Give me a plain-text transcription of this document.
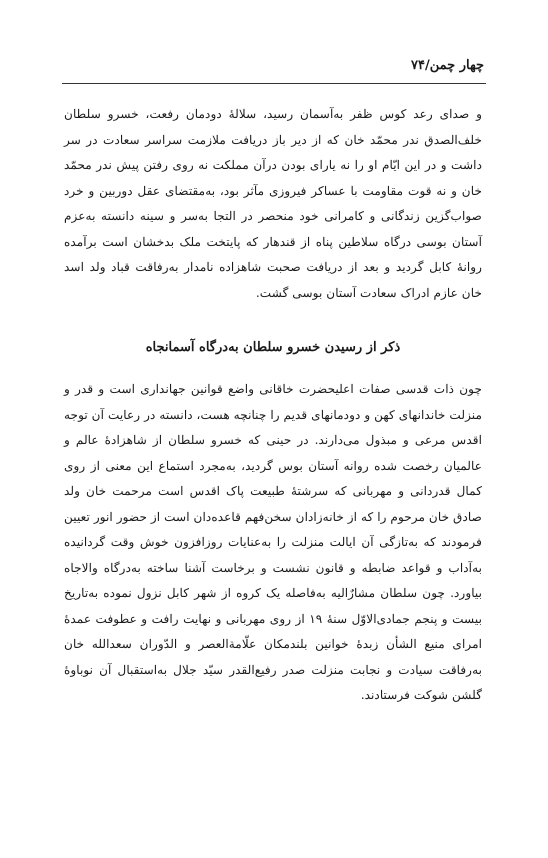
چهار چمن/۷۴

و صدای رعد کوس ظفر به‌آسمان رسید، سلالهٔ دودمان رفعت، خسرو سلطان خلف‌الصدق ندر محمّد خان که از دیر باز دریافت ملازمت سراسر سعادت در سر داشت و در این ایّام او را نه یارای بودن درآن مملکت نه روی رفتن پیش ندر محمّد خان و نه قوت مقاومت با عساکر فیروزی مآثر بود، به‌مقتضای عقل دوربین و خرد صواب‌گزین زندگانی و کامرانی خود منحصر در التجا به‌سر و سینه دانسته به‌عزم آستان بوسی درگاه سلاطین پناه از قندهار که پایتخت ملک بدخشان است برآمده روانهٔ کابل گردید و بعد از دریافت صحبت شاهزاده نامدار به‌رفاقت قباد ولد اسد خان عازم ادراک سعادت آستان بوسی گشت.

ذکر از رسیدن خسرو سلطان به‌درگاه آسمانجاه

چون ذات قدسی صفات اعلیحضرت خاقانی واضع قوانین جهانداری است و قدر و منزلت خاندانهای کهن و دودمانهای قدیم را چنانچه هست، دانسته در رعایت آن توجه اقدس مرعی و مبذول می‌دارند. در حینی که خسرو سلطان از شاهزادهٔ عالم و عالمیان رخصت شده روانه آستان بوس گردید، به‌مجرد استماع این معنی از روی کمال قدردانی و مهربانی که سرشتهٔ طبیعت پاک اقدس است مرحمت خان ولد صادق خان مرحوم را که از خانه‌زادان سخن‌فهم قاعده‌دان است از حضور انور تعیین فرمودند که به‌تازگی آن ایالت منزلت را به‌عنایات روزافزون خوش وقت گردانیده به‌آداب و قواعد ضابطه و قانون نشست و برخاست آشنا ساخته به‌درگاه والاجاه بیاورد. چون سلطان مشارٌالیه به‌فاصله یک کروه از شهر کابل نزول نموده به‌تاریخ بیست و پنجم جمادی‌الاوّل سنهٔ ۱۹ از روی مهربانی و نهایت رافت و عطوفت عمدهٔ امرای منیع الشأن زبدهٔ خوانین بلندمکان علّامة‌العصر و الدّوران سعدالله خان به‌رفاقت سیادت و نجابت منزلت صدر رفیع‌القدر سیّد جلال به‌استقبال آن نوباوهٔ گلشن شوکت فرستادند.
